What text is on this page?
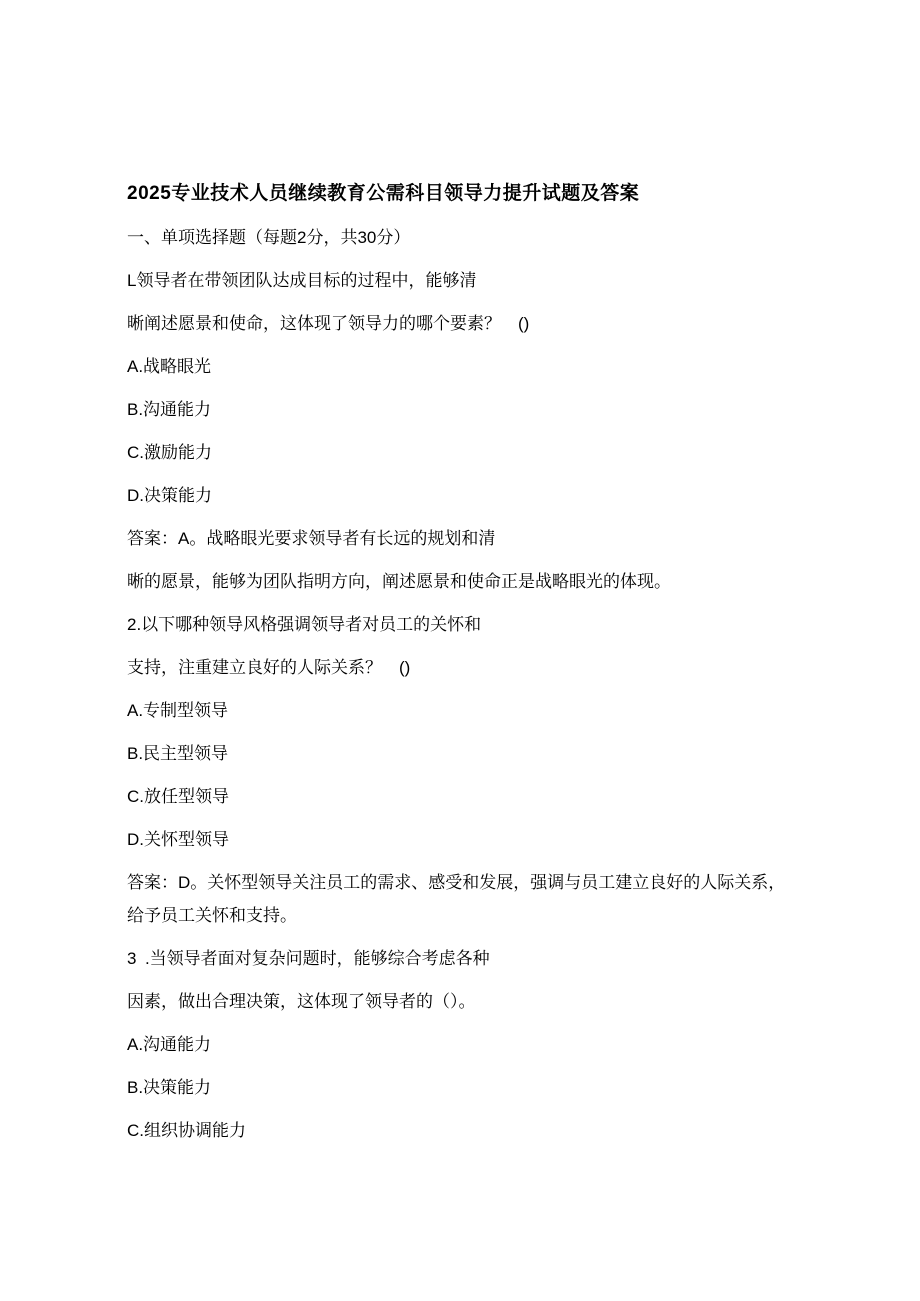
2025专业技术人员继续教育公需科目领导力提升试题及答案

一、单项选择题（每题2分，共30分）

L领导者在带领团队达成目标的过程中，能够清

晰阐述愿景和使命，这体现了领导力的哪个要素？　()

A.战略眼光

B.沟通能力

C.激励能力

D.决策能力

答案：A。战略眼光要求领导者有长远的规划和清

晰的愿景，能够为团队指明方向，阐述愿景和使命正是战略眼光的体现。

2.以下哪种领导风格强调领导者对员工的关怀和

支持，注重建立良好的人际关系？　()

A.专制型领导

B.民主型领导

C.放任型领导

D.关怀型领导

答案：D。关怀型领导关注员工的需求、感受和发展，强调与员工建立良好的人际关系，

给予员工关怀和支持。

3 .当领导者面对复杂问题时，能够综合考虑各种

因素，做出合理决策，这体现了领导者的（）。

A.沟通能力

B.决策能力

C.组织协调能力
